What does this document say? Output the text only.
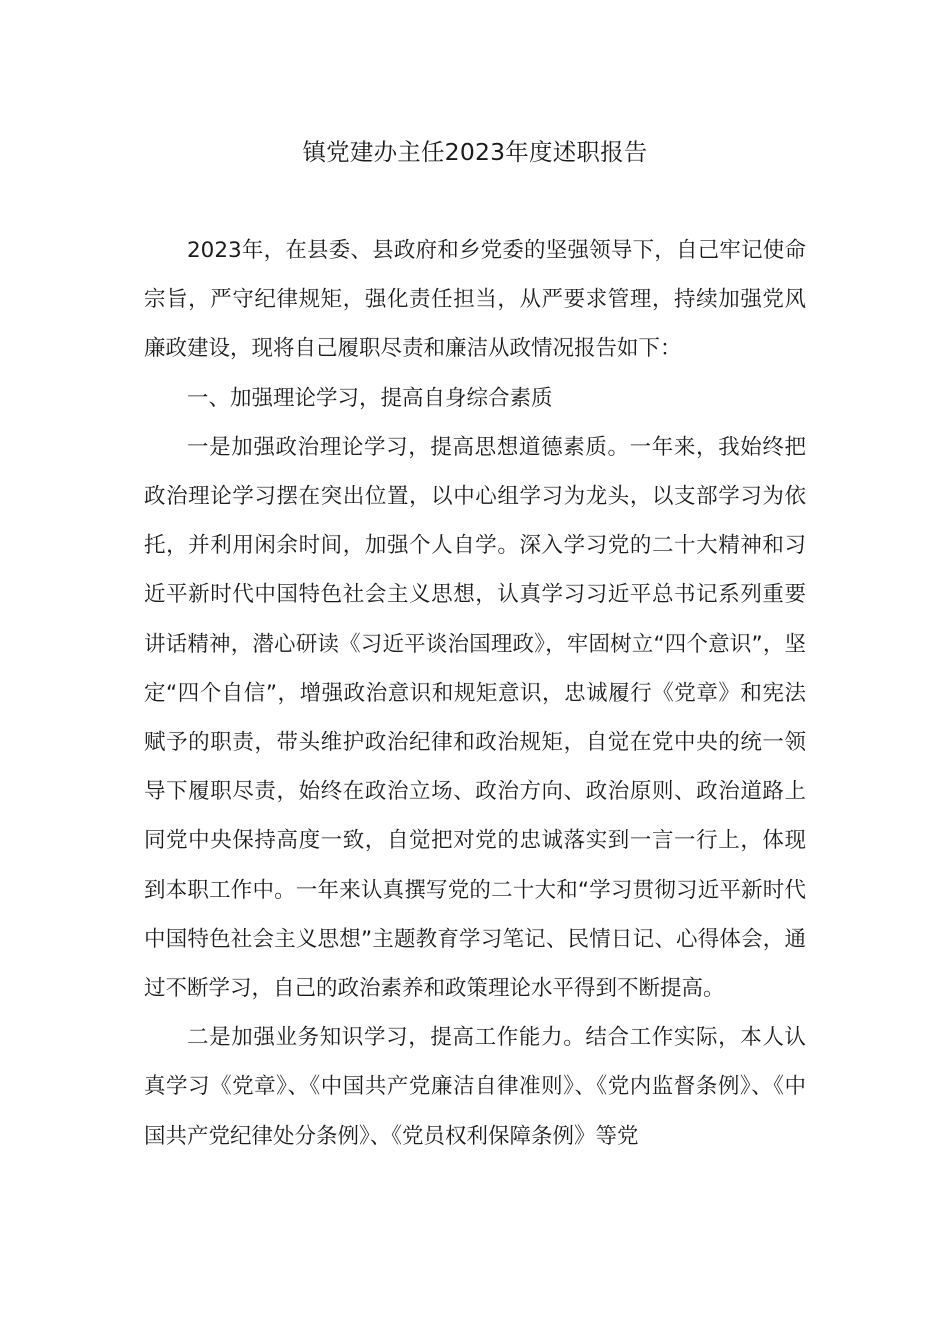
镇党建办主任2023年度述职报告

2023年，在县委、县政府和乡党委的坚强领导下，自己牢记使命宗旨，严守纪律规矩，强化责任担当，从严要求管理，持续加强党风廉政建设，现将自己履职尽责和廉洁从政情况报告如下：

一、加强理论学习，提高自身综合素质

一是加强政治理论学习，提高思想道德素质。一年来，我始终把政治理论学习摆在突出位置，以中心组学习为龙头，以支部学习为依托，并利用闲余时间，加强个人自学。深入学习党的二十大精神和习近平新时代中国特色社会主义思想，认真学习习近平总书记系列重要讲话精神，潜心研读《习近平谈治国理政》，牢固树立“四个意识”，坚定“四个自信”，增强政治意识和规矩意识，忠诚履行《党章》和宪法赋予的职责，带头维护政治纪律和政治规矩，自觉在党中央的统一领导下履职尽责，始终在政治立场、政治方向、政治原则、政治道路上同党中央保持高度一致，自觉把对党的忠诚落实到一言一行上，体现到本职工作中。一年来认真撰写党的二十大和“学习贯彻习近平新时代中国特色社会主义思想”主题教育学习笔记、民情日记、心得体会，通过不断学习，自己的政治素养和政策理论水平得到不断提高。

二是加强业务知识学习，提高工作能力。结合工作实际，本人认真学习《党章》、《中国共产党廉洁自律准则》、《党内监督条例》、《中国共产党纪律处分条例》、《党员权利保障条例》等党
